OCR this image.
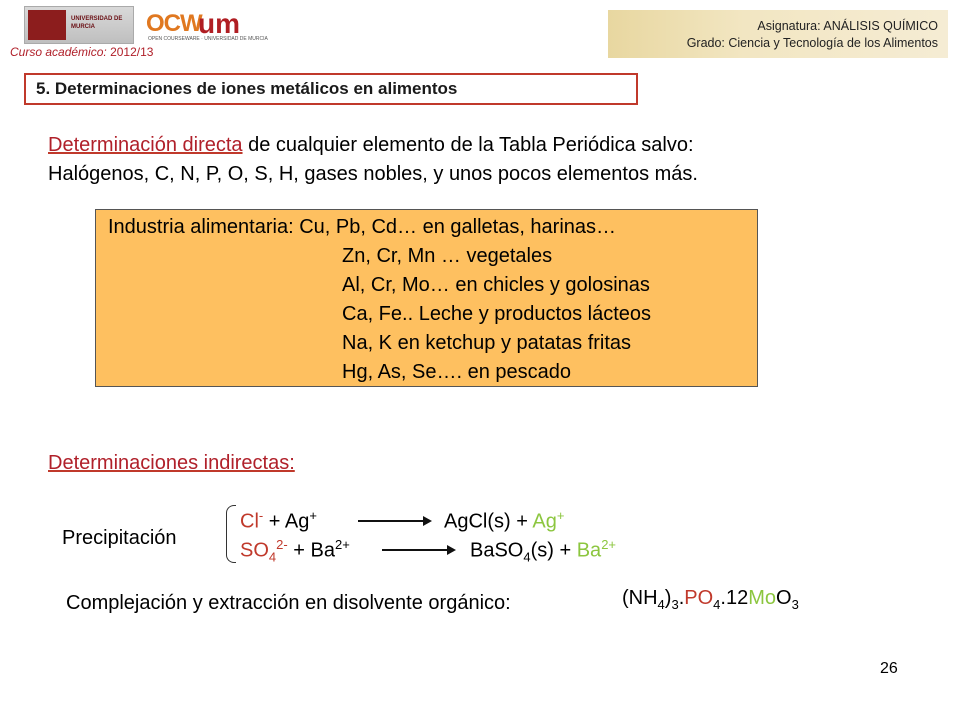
UNIVERSIDAD DE MURCIA	OCW
um
OPEN COURSEWARE · UNIVERSIDAD DE MURCIA
Curso académico: 2012/13
Asignatura: ANÁLISIS QUÍMICO
Grado: Ciencia y Tecnología de los Alimentos
5. Determinaciones de iones metálicos en alimentos
Determinación directa de cualquier elemento de la Tabla Periódica salvo:
Halógenos, C, N, P, O, S, H, gases nobles, y unos pocos elementos más.
Industria alimentaria: Cu, Pb, Cd… en galletas, harinas…
Zn, Cr, Mn … vegetales
Al, Cr, Mo… en chicles y golosinas
Ca, Fe.. Leche y productos lácteos
Na, K en ketchup y patatas fritas
Hg, As, Se…. en pescado
Determinaciones indirectas:
Precipitación
Cl- + Ag+	AgCl(s) + Ag+
$SO_4^{2-} + Ba^{2+}$	BaSO$_4$(s) + $Ba^{2+}$
Complejación y extracción en disolvente orgánico:	$(NH_4)_3.PO_4.12MoO_3$
26
